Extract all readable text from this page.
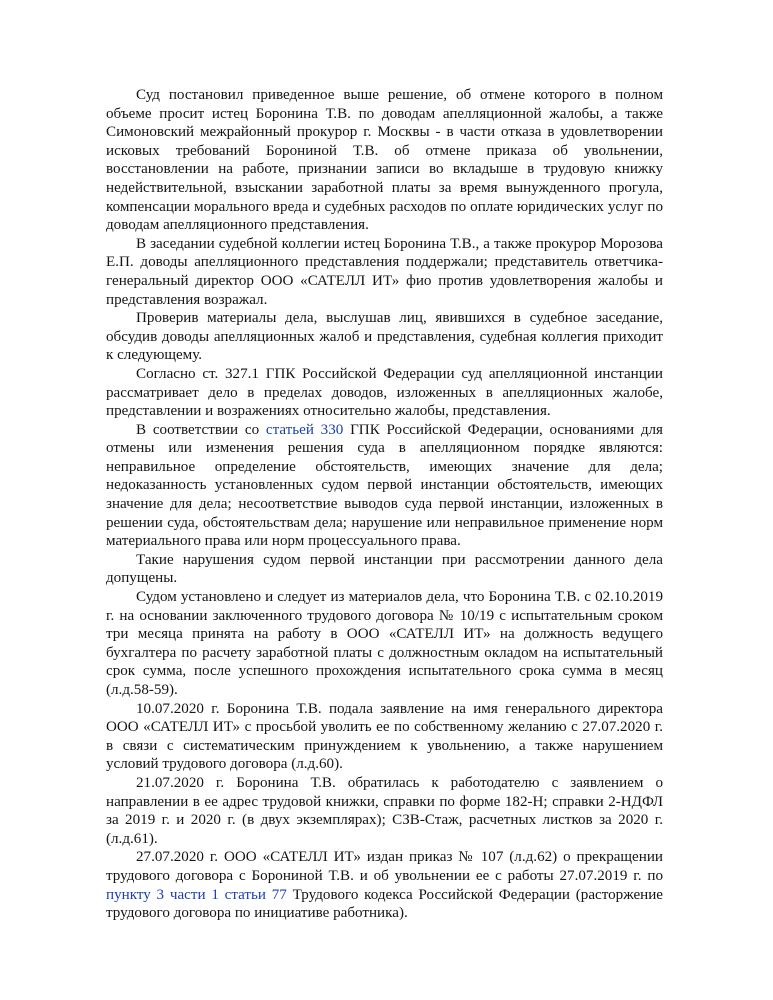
Суд постановил приведенное выше решение, об отмене которого в полном объеме просит истец Боронина Т.В. по доводам апелляционной жалобы, а также Симоновский межрайонный прокурор г. Москвы - в части отказа в удовлетворении исковых требований Борониной Т.В. об отмене приказа об увольнении, восстановлении на работе, признании записи во вкладыше в трудовую книжку недействительной, взыскании заработной платы за время вынужденного прогула, компенсации морального вреда и судебных расходов по оплате юридических услуг по доводам апелляционного представления.

В заседании судебной коллегии истец Боронина Т.В., а также прокурор Морозова Е.П. доводы апелляционного представления поддержали; представитель ответчика- генеральный директор ООО «САТЕЛЛ ИТ» фио против удовлетворения жалобы и представления возражал.

Проверив материалы дела, выслушав лиц, явившихся в судебное заседание, обсудив доводы апелляционных жалоб и представления, судебная коллегия приходит к следующему.

Согласно ст. 327.1 ГПК Российской Федерации суд апелляционной инстанции рассматривает дело в пределах доводов, изложенных в апелляционных жалобе, представлении и возражениях относительно жалобы, представления.

В соответствии со статьей 330 ГПК Российской Федерации, основаниями для отмены или изменения решения суда в апелляционном порядке являются: неправильное определение обстоятельств, имеющих значение для дела; недоказанность установленных судом первой инстанции обстоятельств, имеющих значение для дела; несоответствие выводов суда первой инстанции, изложенных в решении суда, обстоятельствам дела; нарушение или неправильное применение норм материального права или норм процессуального права.

Такие нарушения судом первой инстанции при рассмотрении данного дела допущены.

Судом установлено и следует из материалов дела, что Боронина Т.В. с 02.10.2019 г. на основании заключенного трудового договора № 10/19 с испытательным сроком три месяца принята на работу в ООО «САТЕЛЛ ИТ» на должность ведущего бухгалтера по расчету заработной платы с должностным окладом на испытательный срок сумма, после успешного прохождения испытательного срока сумма в месяц (л.д.58-59).

10.07.2020 г. Боронина Т.В. подала заявление на имя генерального директора ООО «САТЕЛЛ ИТ» с просьбой уволить ее по собственному желанию с 27.07.2020 г. в связи с систематическим принуждением к увольнению, а также нарушением условий трудового договора (л.д.60).

21.07.2020 г. Боронина Т.В. обратилась к работодателю с заявлением о направлении в ее адрес трудовой книжки, справки по форме 182-Н; справки 2-НДФЛ за 2019 г. и 2020 г. (в двух экземплярах); СЗВ-Стаж, расчетных листков за 2020 г. (л.д.61).

27.07.2020 г. ООО «САТЕЛЛ ИТ» издан приказ № 107 (л.д.62) о прекращении трудового договора с Борониной Т.В. и об увольнении ее с работы 27.07.2019 г. по пункту 3 части 1 статьи 77 Трудового кодекса Российской Федерации (расторжение трудового договора по инициативе работника).
